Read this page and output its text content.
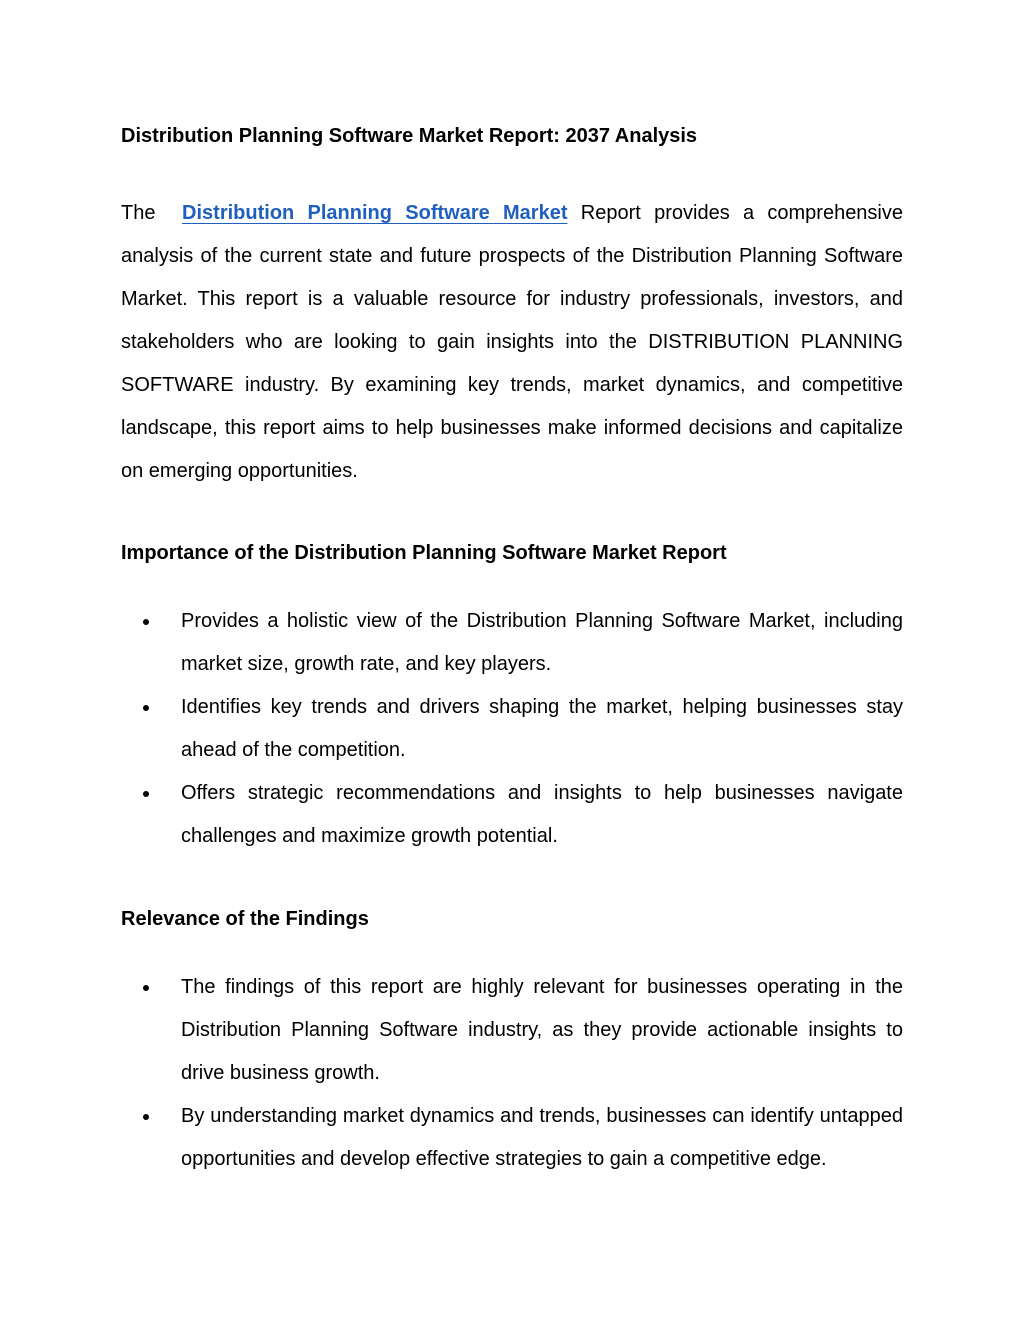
Distribution Planning Software Market Report: 2037 Analysis

The Distribution Planning Software Market Report provides a comprehensive analysis of the current state and future prospects of the Distribution Planning Software Market. This report is a valuable resource for industry professionals, investors, and stakeholders who are looking to gain insights into the DISTRIBUTION PLANNING SOFTWARE industry. By examining key trends, market dynamics, and competitive landscape, this report aims to help businesses make informed decisions and capitalize on emerging opportunities.

Importance of the Distribution Planning Software Market Report
Provides a holistic view of the Distribution Planning Software Market, including market size, growth rate, and key players.
Identifies key trends and drivers shaping the market, helping businesses stay ahead of the competition.
Offers strategic recommendations and insights to help businesses navigate challenges and maximize growth potential.
Relevance of the Findings
The findings of this report are highly relevant for businesses operating in the Distribution Planning Software industry, as they provide actionable insights to drive business growth.
By understanding market dynamics and trends, businesses can identify untapped opportunities and develop effective strategies to gain a competitive edge.
